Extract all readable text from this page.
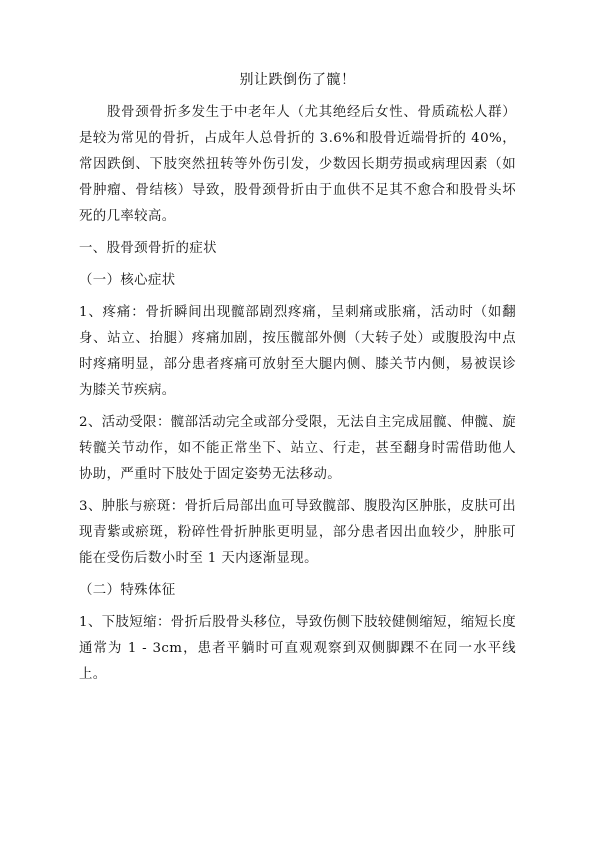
别让跌倒伤了髋！

股骨颈骨折多发生于中老年人（尤其绝经后女性、骨质疏松人群）是较为常见的骨折，占成年人总骨折的 3.6%和股骨近端骨折的 40%，常因跌倒、下肢突然扭转等外伤引发，少数因长期劳损或病理因素（如骨肿瘤、骨结核）导致，股骨颈骨折由于血供不足其不愈合和股骨头坏死的几率较高。

一、股骨颈骨折的症状

（一）核心症状

1、疼痛：骨折瞬间出现髋部剧烈疼痛，呈刺痛或胀痛，活动时（如翻身、站立、抬腿）疼痛加剧，按压髋部外侧（大转子处）或腹股沟中点时疼痛明显，部分患者疼痛可放射至大腿内侧、膝关节内侧，易被误诊为膝关节疾病。

2、活动受限：髋部活动完全或部分受限，无法自主完成屈髋、伸髋、旋转髋关节动作，如不能正常坐下、站立、行走，甚至翻身时需借助他人协助，严重时下肢处于固定姿势无法移动。

3、肿胀与瘀斑：骨折后局部出血可导致髋部、腹股沟区肿胀，皮肤可出现青紫或瘀斑，粉碎性骨折肿胀更明显，部分患者因出血较少，肿胀可能在受伤后数小时至 1 天内逐渐显现。

（二）特殊体征

1、下肢短缩：骨折后股骨头移位，导致伤侧下肢较健侧缩短，缩短长度通常为 1 - 3cm，患者平躺时可直观观察到双侧脚踝不在同一水平线上。
